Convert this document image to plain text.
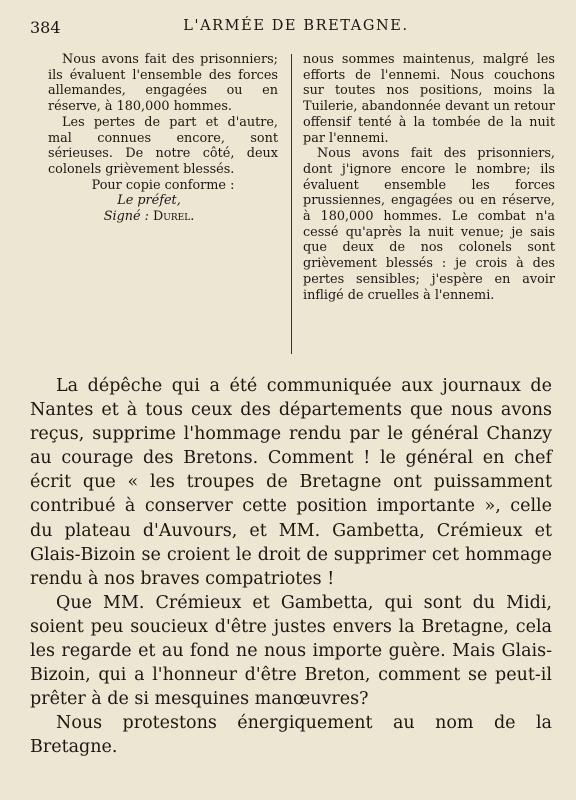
384	L'ARMÉE DE BRETAGNE.

Nous avons fait des prisonniers; ils évaluent l'ensemble des forces allemandes, engagées ou en réserve, à 180,000 hommes.

Les pertes de part et d'autre, mal connues encore, sont sérieuses. De notre côté, deux colonels grièvement blessés.

Pour copie conforme :

Le préfet,

Signé : Durel.

nous sommes maintenus, malgré les efforts de l'ennemi. Nous couchons sur toutes nos positions, moins la Tuilerie, abandonnée devant un retour offensif tenté à la tombée de la nuit par l'ennemi.

Nous avons fait des prisonniers, dont j'ignore encore le nombre; ils évaluent ensemble les forces prussiennes, engagées ou en réserve, à 180,000 hommes. Le combat n'a cessé qu'après la nuit venue; je sais que deux de nos colonels sont grièvement blessés : je crois à des pertes sensibles; j'espère en avoir infligé de cruelles à l'ennemi.

La dépêche qui a été communiquée aux journaux de Nantes et à tous ceux des départements que nous avons reçus, supprime l'hommage rendu par le général Chanzy au courage des Bretons. Comment ! le général en chef écrit que « les troupes de Bretagne ont puissamment contribué à conserver cette position importante », celle du plateau d'Auvours, et MM. Gambetta, Crémieux et Glais-Bizoin se croient le droit de supprimer cet hommage rendu à nos braves compatriotes !

Que MM. Crémieux et Gambetta, qui sont du Midi, soient peu soucieux d'être justes envers la Bretagne, cela les regarde et au fond ne nous importe guère. Mais Glais-Bizoin, qui a l'honneur d'être Breton, comment se peut-il prêter à de si mesquines manœuvres?

Nous protestons énergiquement au nom de la Bretagne.
